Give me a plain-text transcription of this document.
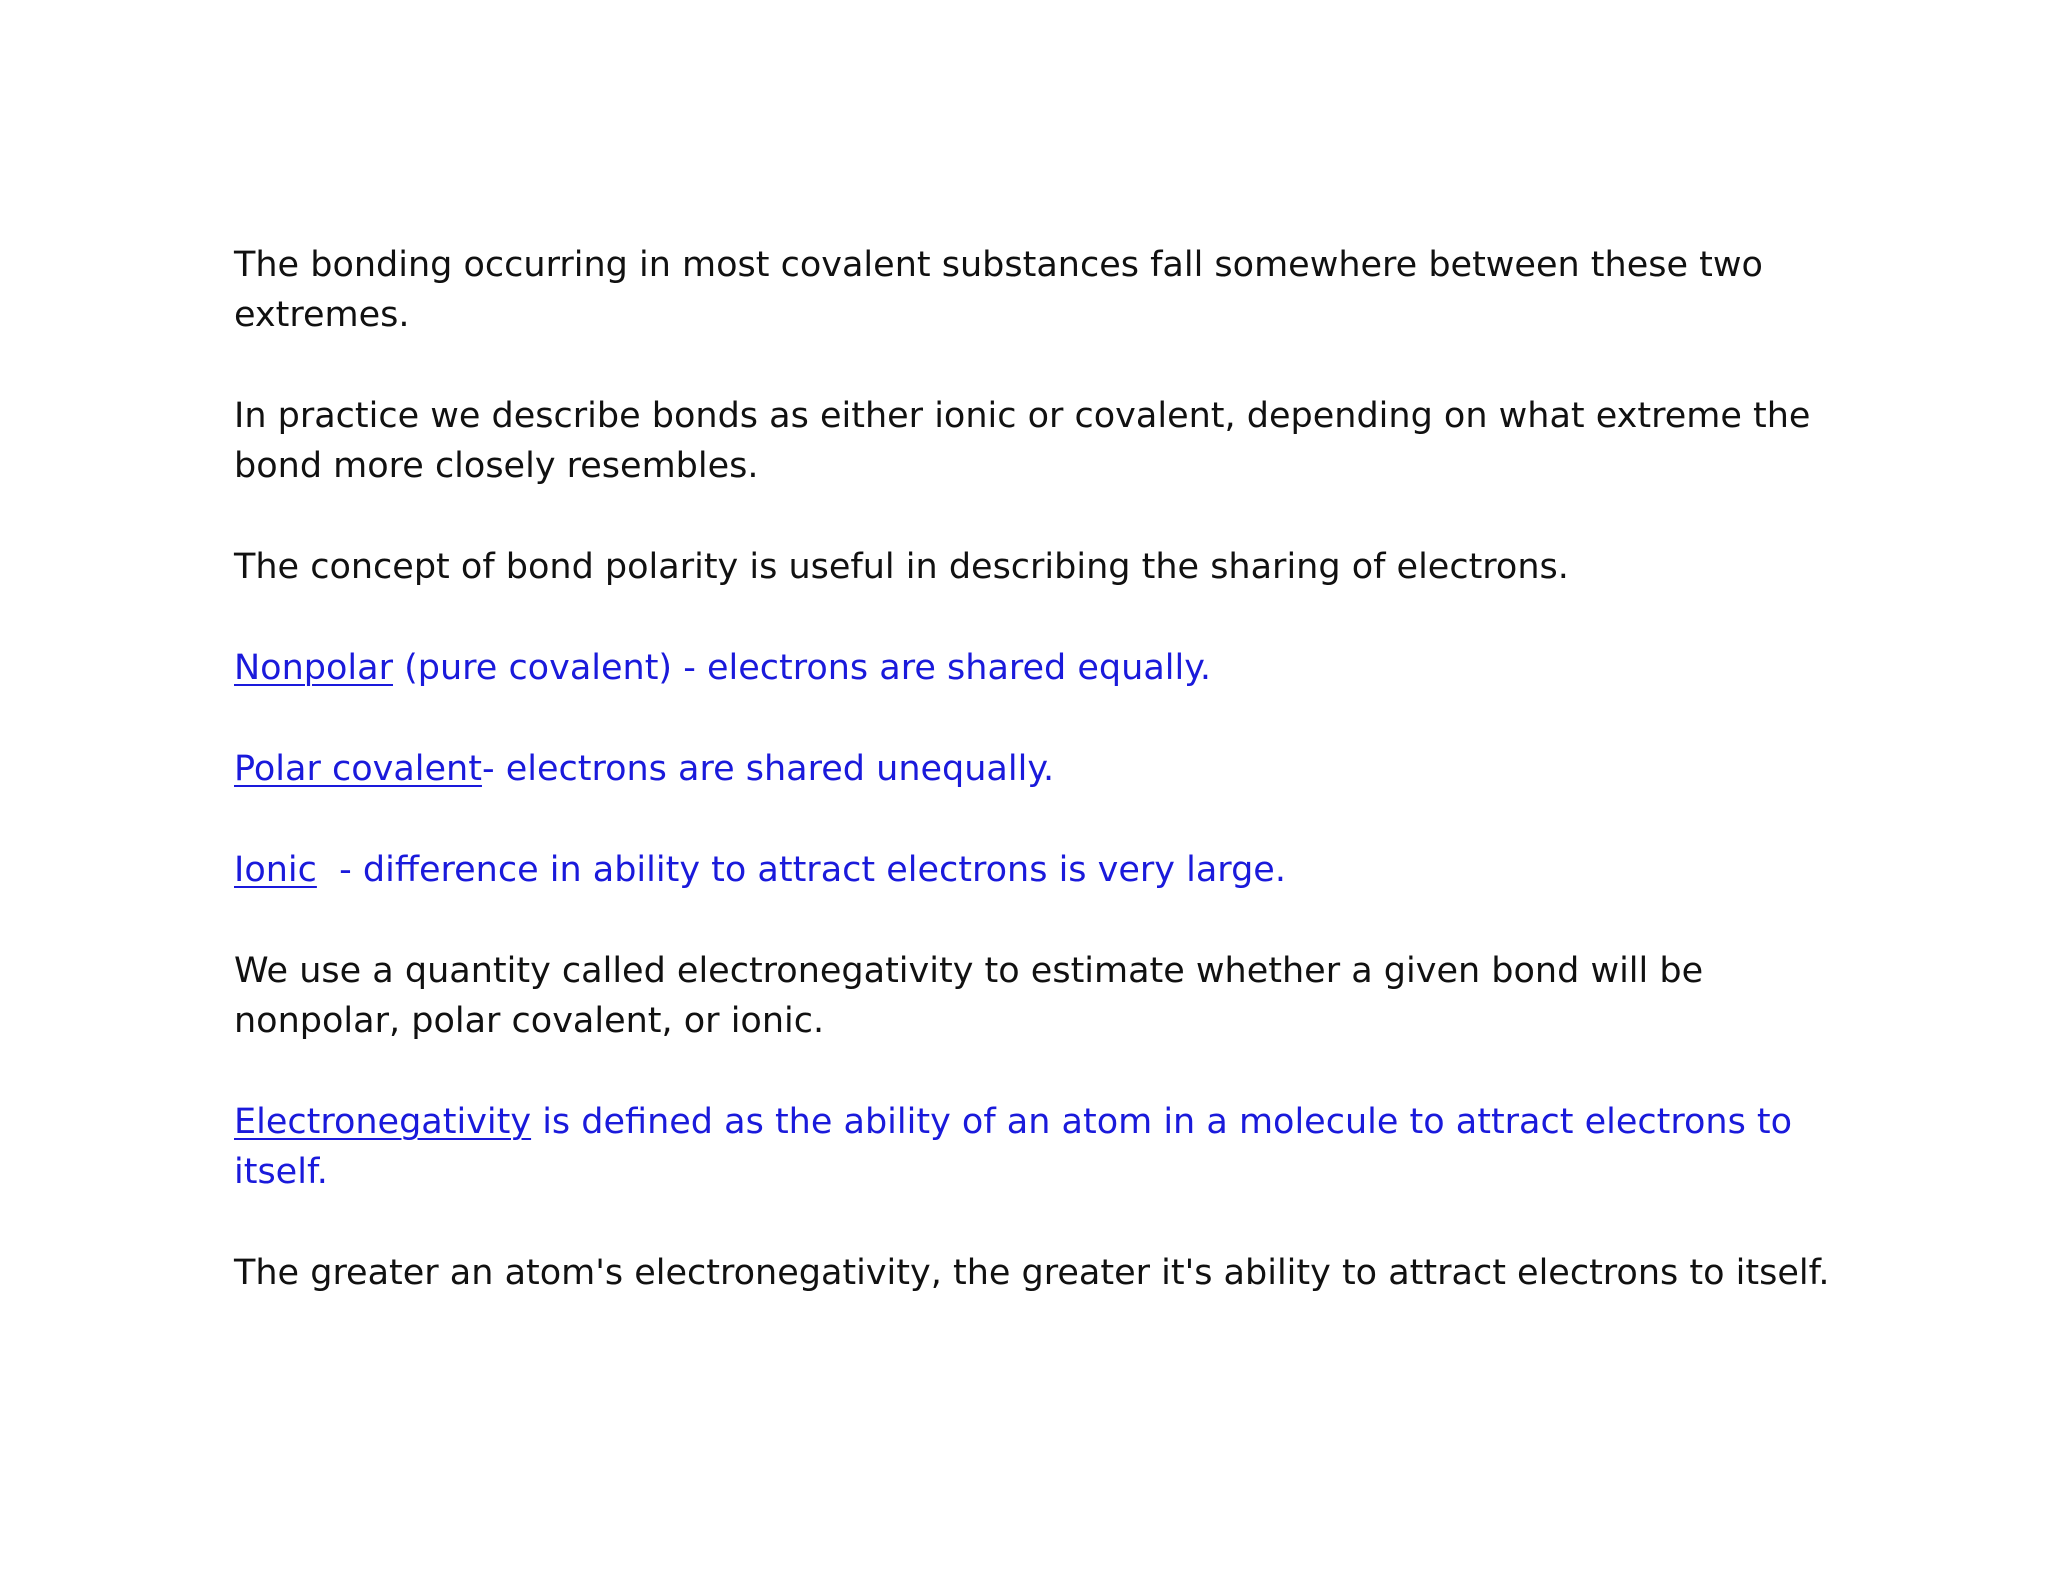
The bonding occurring in most covalent substances fall somewhere between these two extremes.

In practice we describe bonds as either ionic or covalent, depending on what extreme the bond more closely resembles.

The concept of bond polarity is useful in describing the sharing of electrons.

Nonpolar (pure covalent) - electrons are shared equally.

Polar covalent- electrons are shared unequally.

Ionic  - difference in ability to attract electrons is very large.

We use a quantity called electronegativity to estimate whether a given bond will be nonpolar, polar covalent, or ionic.

Electronegativity is defined as the ability of an atom in a molecule to attract electrons to itself.

The greater an atom's electronegativity, the greater it's ability to attract electrons to itself.
